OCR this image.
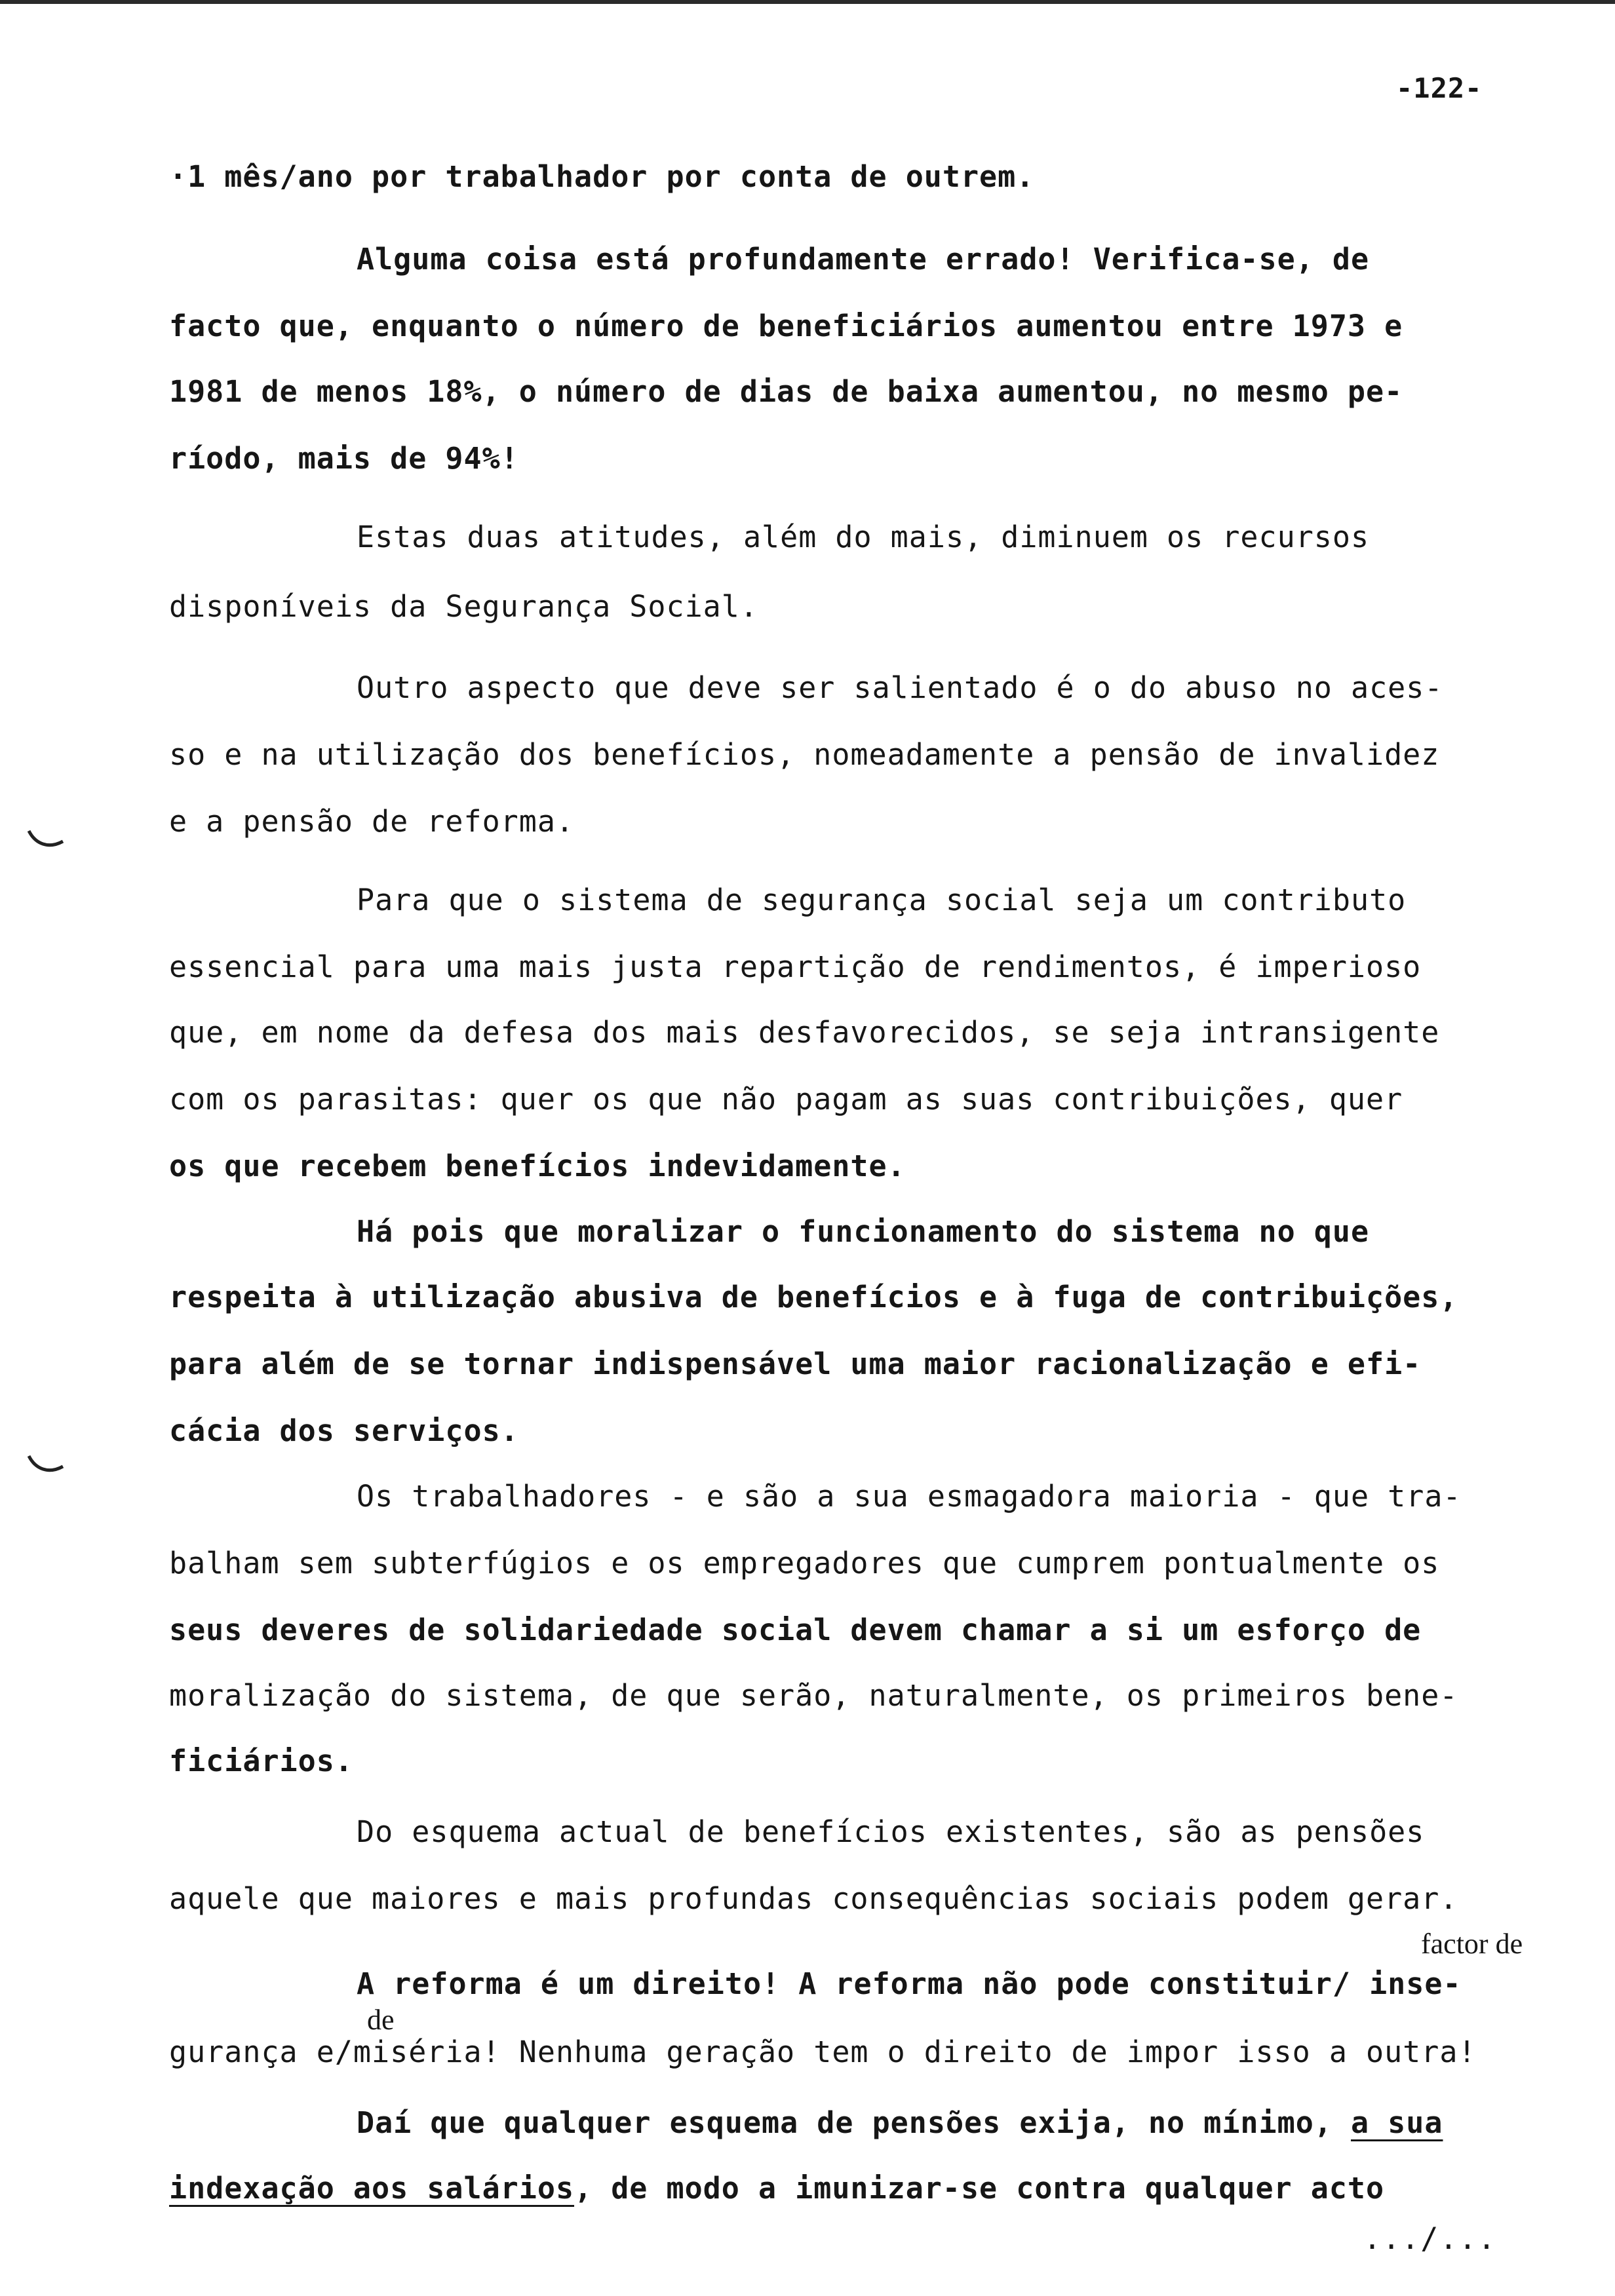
-122-
·1 mês/ano por trabalhador por conta de outrem.
Alguma coisa está profundamente errado! Verifica-se, de
facto que, enquanto o número de beneficiários aumentou entre 1973 e
1981 de menos 18%, o número de dias de baixa aumentou, no mesmo pe-
ríodo, mais de 94%!
Estas duas atitudes, além do mais, diminuem os recursos
disponíveis da Segurança Social.
Outro aspecto que deve ser salientado é o do abuso no aces-
so e na utilização dos benefícios, nomeadamente a pensão de invalidez
e a pensão de reforma.
Para que o sistema de segurança social seja um contributo
essencial para uma mais justa repartição de rendimentos, é imperioso
que, em nome da defesa dos mais desfavorecidos, se seja intransigente
com os parasitas: quer os que não pagam as suas contribuições, quer
os que recebem benefícios indevidamente.
Há pois que moralizar o funcionamento do sistema no que
respeita à utilização abusiva de benefícios e à fuga de contribuições,
para além de se tornar indispensável uma maior racionalização e efi-
cácia dos serviços.
Os trabalhadores - e são a sua esmagadora maioria - que tra-
balham sem subterfúgios e os empregadores que cumprem pontualmente os
seus deveres de solidariedade social devem chamar a si um esforço de
moralização do sistema, de que serão, naturalmente, os primeiros bene-
ficiários.
Do esquema actual de benefícios existentes, são as pensões
aquele que maiores e mais profundas consequências sociais podem gerar.
factor de
A reforma é um direito! A reforma não pode constituir/ inse-
de
gurança e/miséria! Nenhuma geração tem o direito de impor isso a outra!
Daí que qualquer esquema de pensões exija, no mínimo, a sua
indexação aos salários, de modo a imunizar-se contra qualquer acto
.../...
